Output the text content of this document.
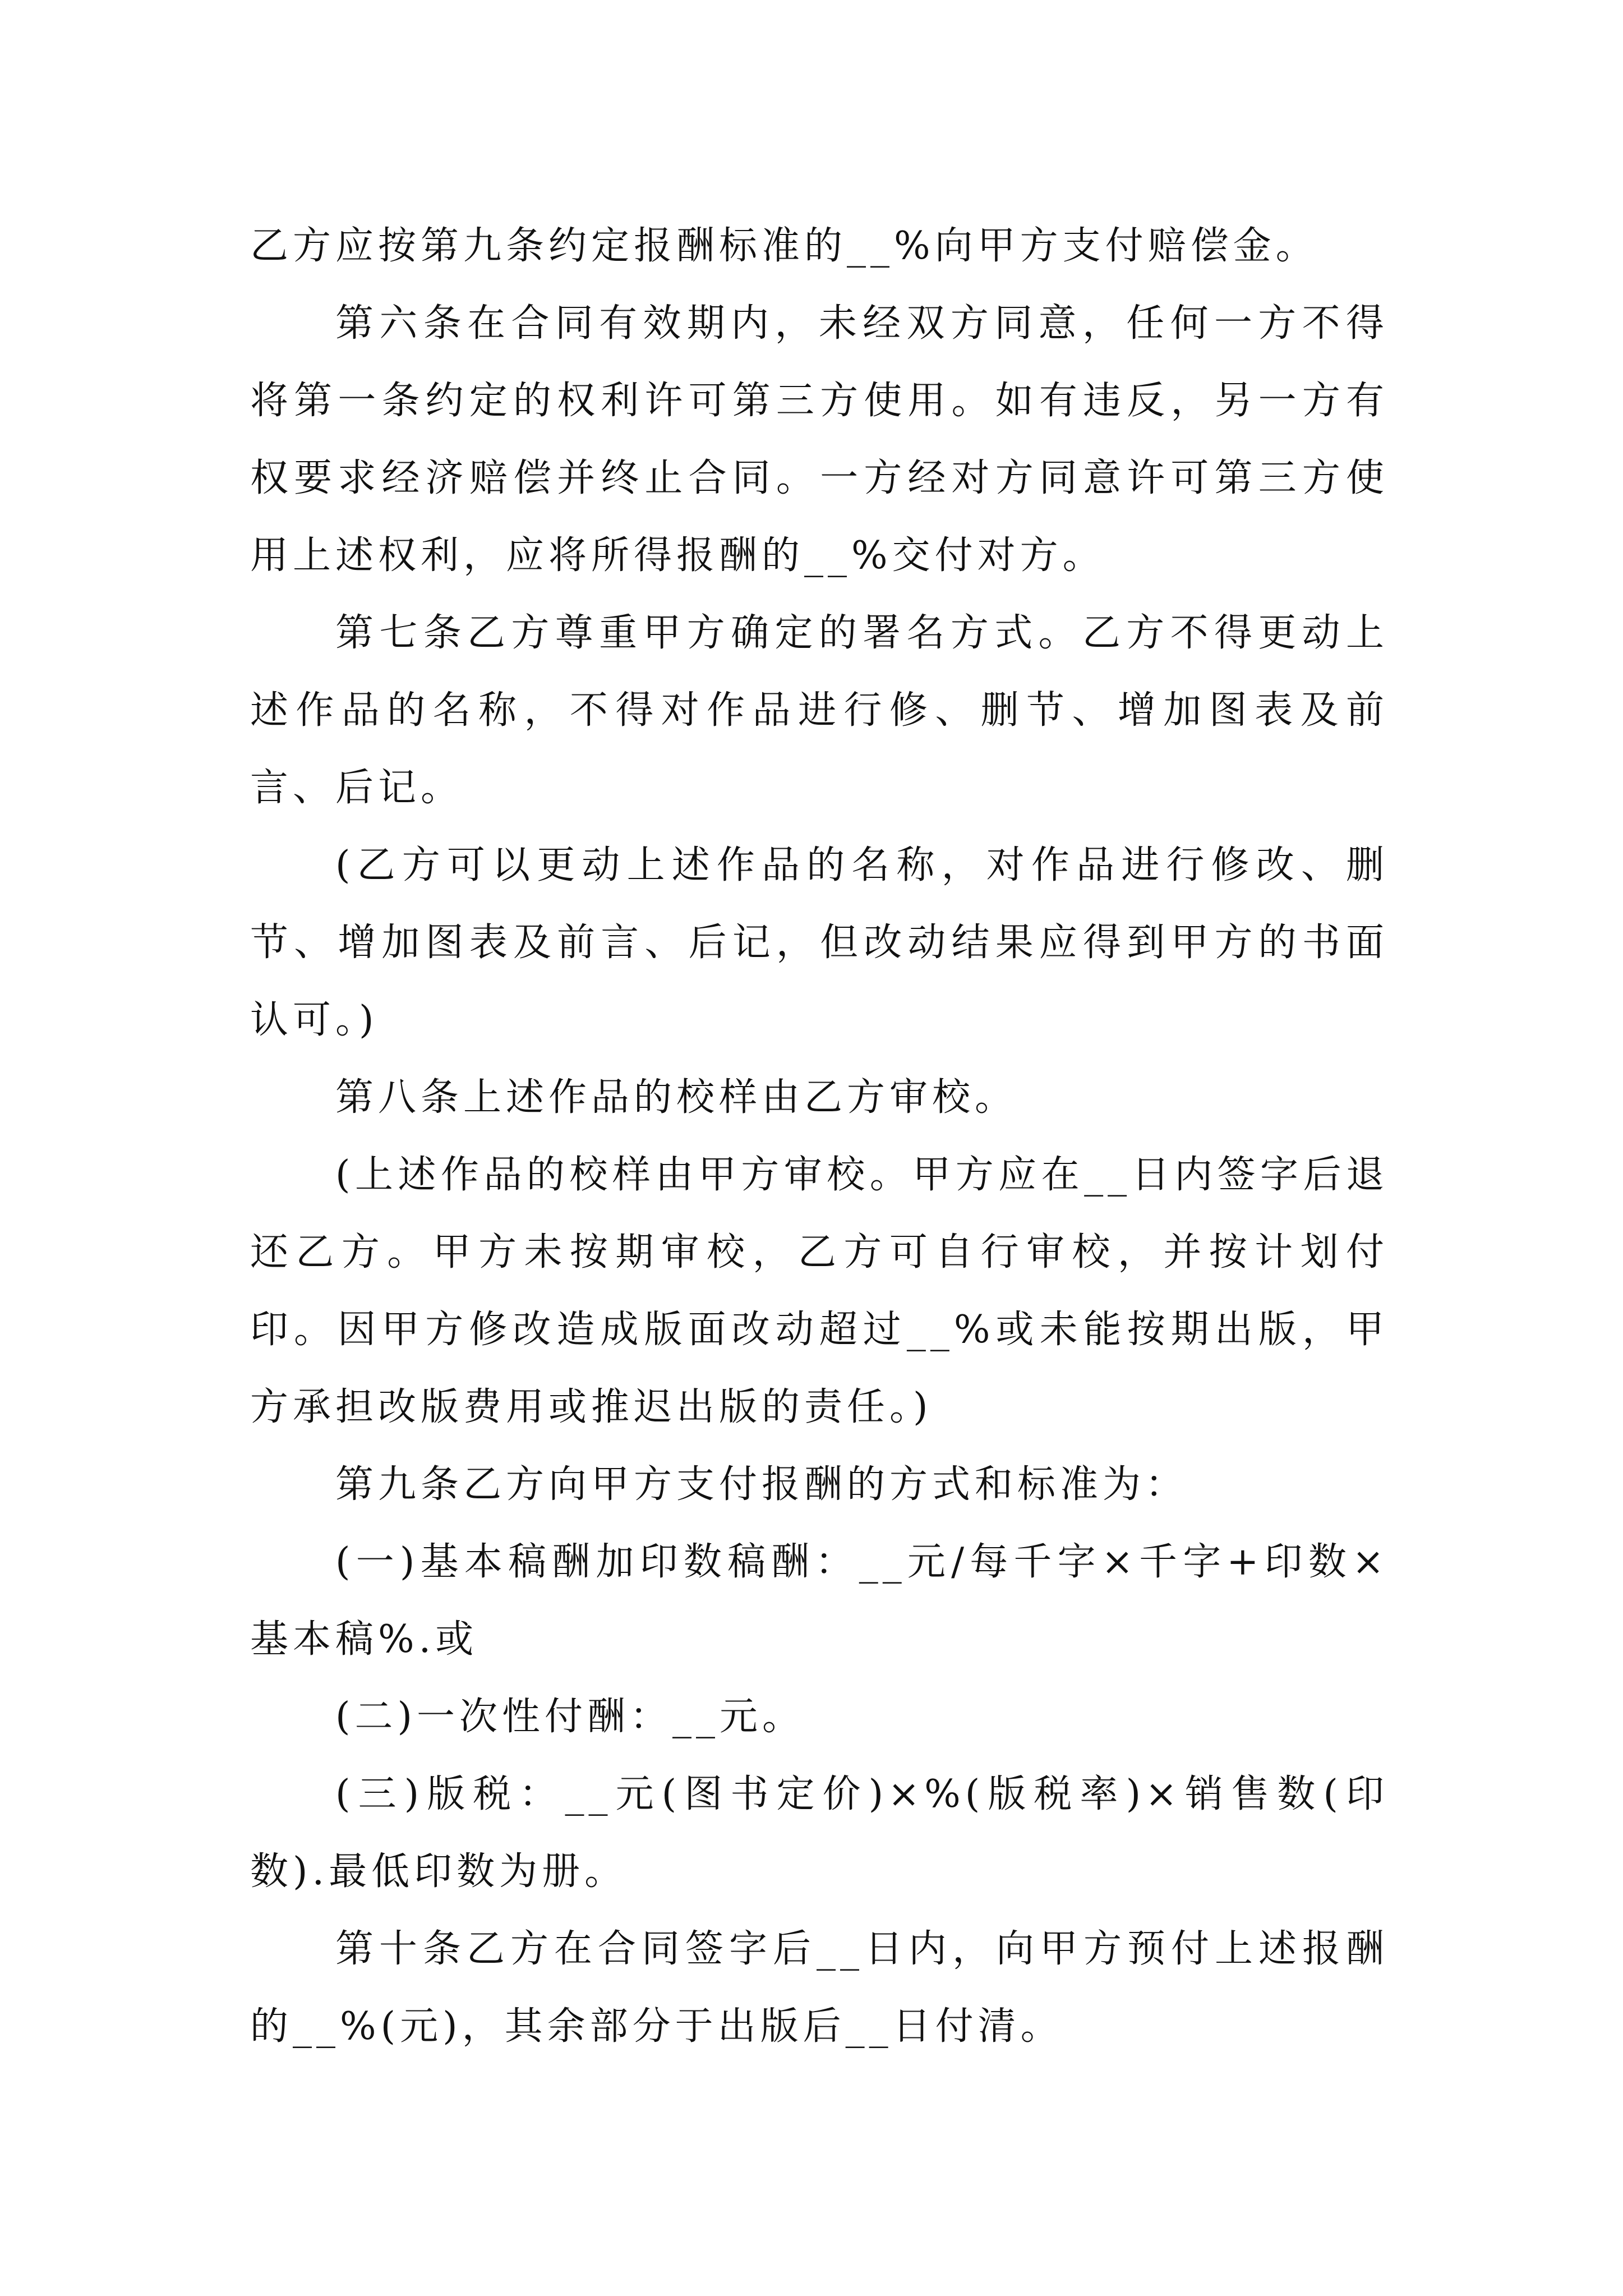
乙方应按第九条约定报酬标准的__%向甲方支付赔偿金。

第六条在合同有效期内，未经双方同意，任何一方不得将第一条约定的权利许可第三方使用。如有违反，另一方有权要求经济赔偿并终止合同。一方经对方同意许可第三方使用上述权利，应将所得报酬的__%交付对方。

第七条乙方尊重甲方确定的署名方式。乙方不得更动上述作品的名称，不得对作品进行修、删节、增加图表及前言、后记。

(乙方可以更动上述作品的名称，对作品进行修改、删节、增加图表及前言、后记，但改动结果应得到甲方的书面认可。)

第八条上述作品的校样由乙方审校。

(上述作品的校样由甲方审校。甲方应在__日内签字后退还乙方。甲方未按期审校，乙方可自行审校，并按计划付印。因甲方修改造成版面改动超过__%或未能按期出版，甲方承担改版费用或推迟出版的责任。)

第九条乙方向甲方支付报酬的方式和标准为：

(一)基本稿酬加印数稿酬：__元/每千字×千字+印数×基本稿%.或

(二)一次性付酬：__元。

(三)版税：__元(图书定价)×%(版税率)×销售数(印数).最低印数为册。

第十条乙方在合同签字后__日内，向甲方预付上述报酬的__%(元)，其余部分于出版后__日付清。
